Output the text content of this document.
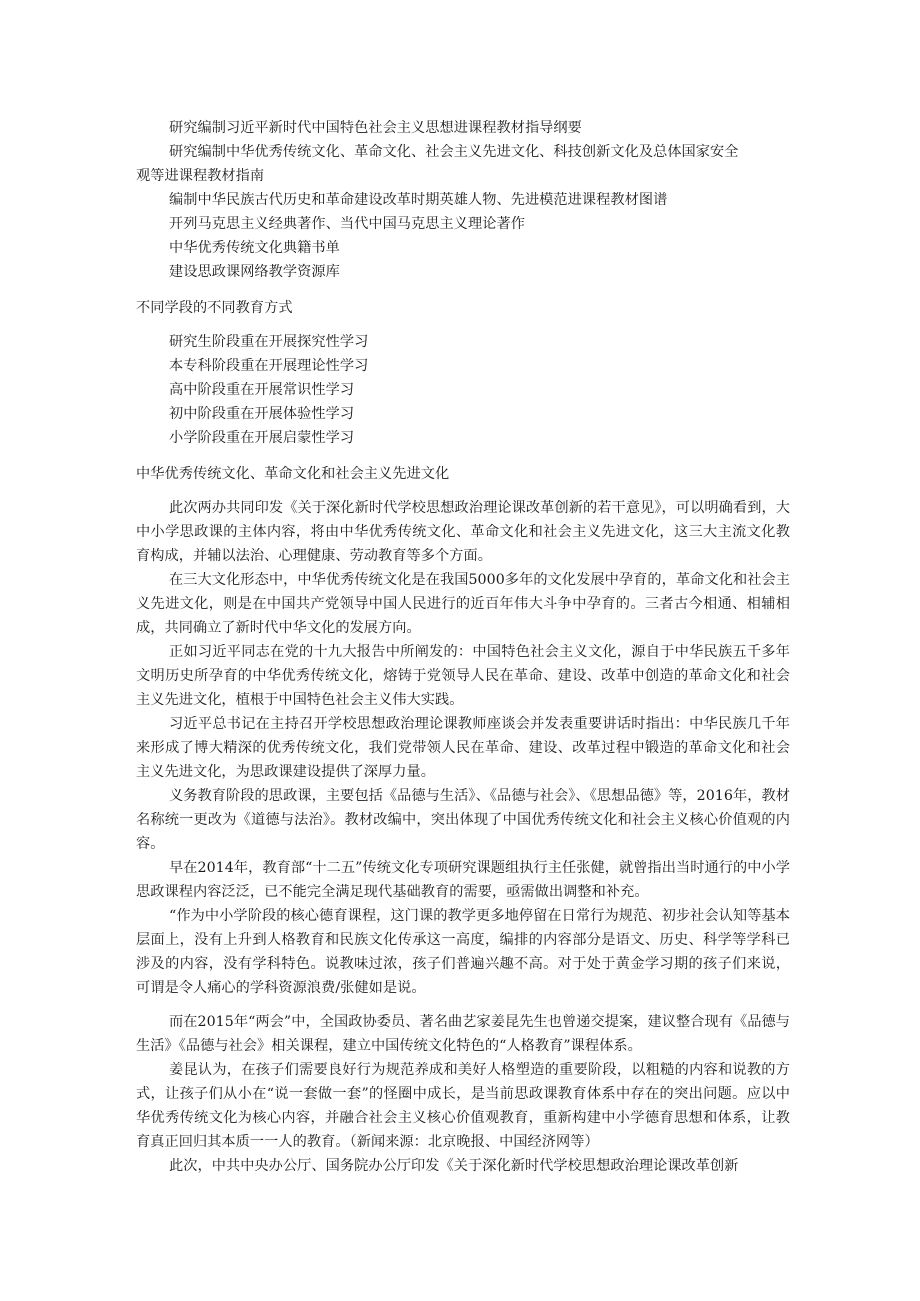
研究编制习近平新时代中国特色社会主义思想进课程教材指导纲要
研究编制中华优秀传统文化、革命文化、社会主义先进文化、科技创新文化及总体国家安全
观等进课程教材指南
编制中华民族古代历史和革命建设改革时期英雄人物、先进模范进课程教材图谱
开列马克思主义经典著作、当代中国马克思主义理论著作
中华优秀传统文化典籍书单
建设思政课网络教学资源库
不同学段的不同教育方式
研究生阶段重在开展探究性学习
本专科阶段重在开展理论性学习
高中阶段重在开展常识性学习
初中阶段重在开展体验性学习
小学阶段重在开展启蒙性学习
中华优秀传统文化、革命文化和社会主义先进文化

此次两办共同印发《关于深化新时代学校思想政治理论课改革创新的若干意见》，可以明确看到，大中小学思政课的主体内容，将由中华优秀传统文化、革命文化和社会主义先进文化，这三大主流文化教育构成，并辅以法治、心理健康、劳动教育等多个方面。

在三大文化形态中，中华优秀传统文化是在我国5000多年的文化发展中孕育的，革命文化和社会主义先进文化，则是在中国共产党领导中国人民进行的近百年伟大斗争中孕育的。三者古今相通、相辅相成，共同确立了新时代中华文化的发展方向。

正如习近平同志在党的十九大报告中所阐发的：中国特色社会主义文化，源自于中华民族五千多年文明历史所孕育的中华优秀传统文化，熔铸于党领导人民在革命、建设、改革中创造的革命文化和社会主义先进文化，植根于中国特色社会主义伟大实践。

习近平总书记在主持召开学校思想政治理论课教师座谈会并发表重要讲话时指出：中华民族几千年来形成了博大精深的优秀传统文化，我们党带领人民在革命、建设、改革过程中锻造的革命文化和社会主义先进文化，为思政课建设提供了深厚力量。

义务教育阶段的思政课，主要包括《品德与生活》、《品德与社会》、《思想品德》等，2016年，教材名称统一更改为《道德与法治》。教材改编中，突出体现了中国优秀传统文化和社会主义核心价值观的内容。

早在2014年，教育部“十二五”传统文化专项研究课题组执行主任张健，就曾指出当时通行的中小学思政课程内容泛泛，已不能完全满足现代基础教育的需要，亟需做出调整和补充。

“作为中小学阶段的核心德育课程，这门课的教学更多地停留在日常行为规范、初步社会认知等基本层面上，没有上升到人格教育和民族文化传承这一高度，编排的内容部分是语文、历史、科学等学科已涉及的内容，没有学科特色。说教味过浓，孩子们普遍兴趣不高。对于处于黄金学习期的孩子们来说，可谓是令人痛心的学科资源浪费/张健如是说。

而在2015年“两会”中，全国政协委员、著名曲艺家姜昆先生也曾递交提案，建议整合现有《品德与生活》《品德与社会》相关课程，建立中国传统文化特色的“人格教育”课程体系。

姜昆认为，在孩子们需要良好行为规范养成和美好人格塑造的重要阶段，以粗糙的内容和说教的方式，让孩子们从小在“说一套做一套”的怪圈中成长，是当前思政课教育体系中存在的突出问题。应以中华优秀传统文化为核心内容，并融合社会主义核心价值观教育，重新构建中小学德育思想和体系，让教育真正回归其本质一一人的教育。（新闻来源：北京晚报、中国经济网等）

此次，中共中央办公厅、国务院办公厅印发《关于深化新时代学校思想政治理论课改革创新
